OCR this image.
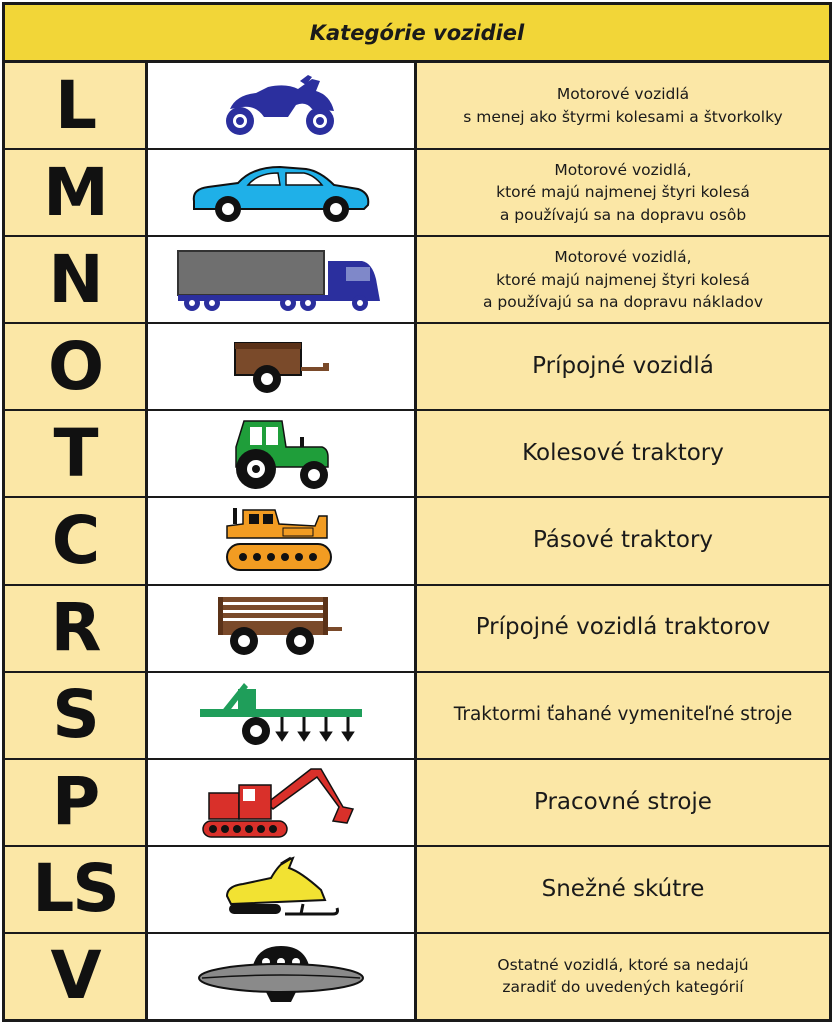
Kategórie vozidiel
L	Motorové vozidlá
s menej ako štyrmi kolesami a štvorkolky
M	Motorové vozidlá,
ktoré majú najmenej štyri kolesá
a používajú sa na dopravu osôb
N	Motorové vozidlá,
ktoré majú najmenej štyri kolesá
a používajú sa na dopravu nákladov
O	Prípojné vozidlá
T	Kolesové traktory
C	Pásové traktory
R	Prípojné vozidlá traktorov
S	Traktormi ťahané vymeniteľné stroje
P	Pracovné stroje
LS	Snežné skútre
V	Ostatné vozidlá, ktoré sa nedajú
zaradiť do uvedených kategórií
